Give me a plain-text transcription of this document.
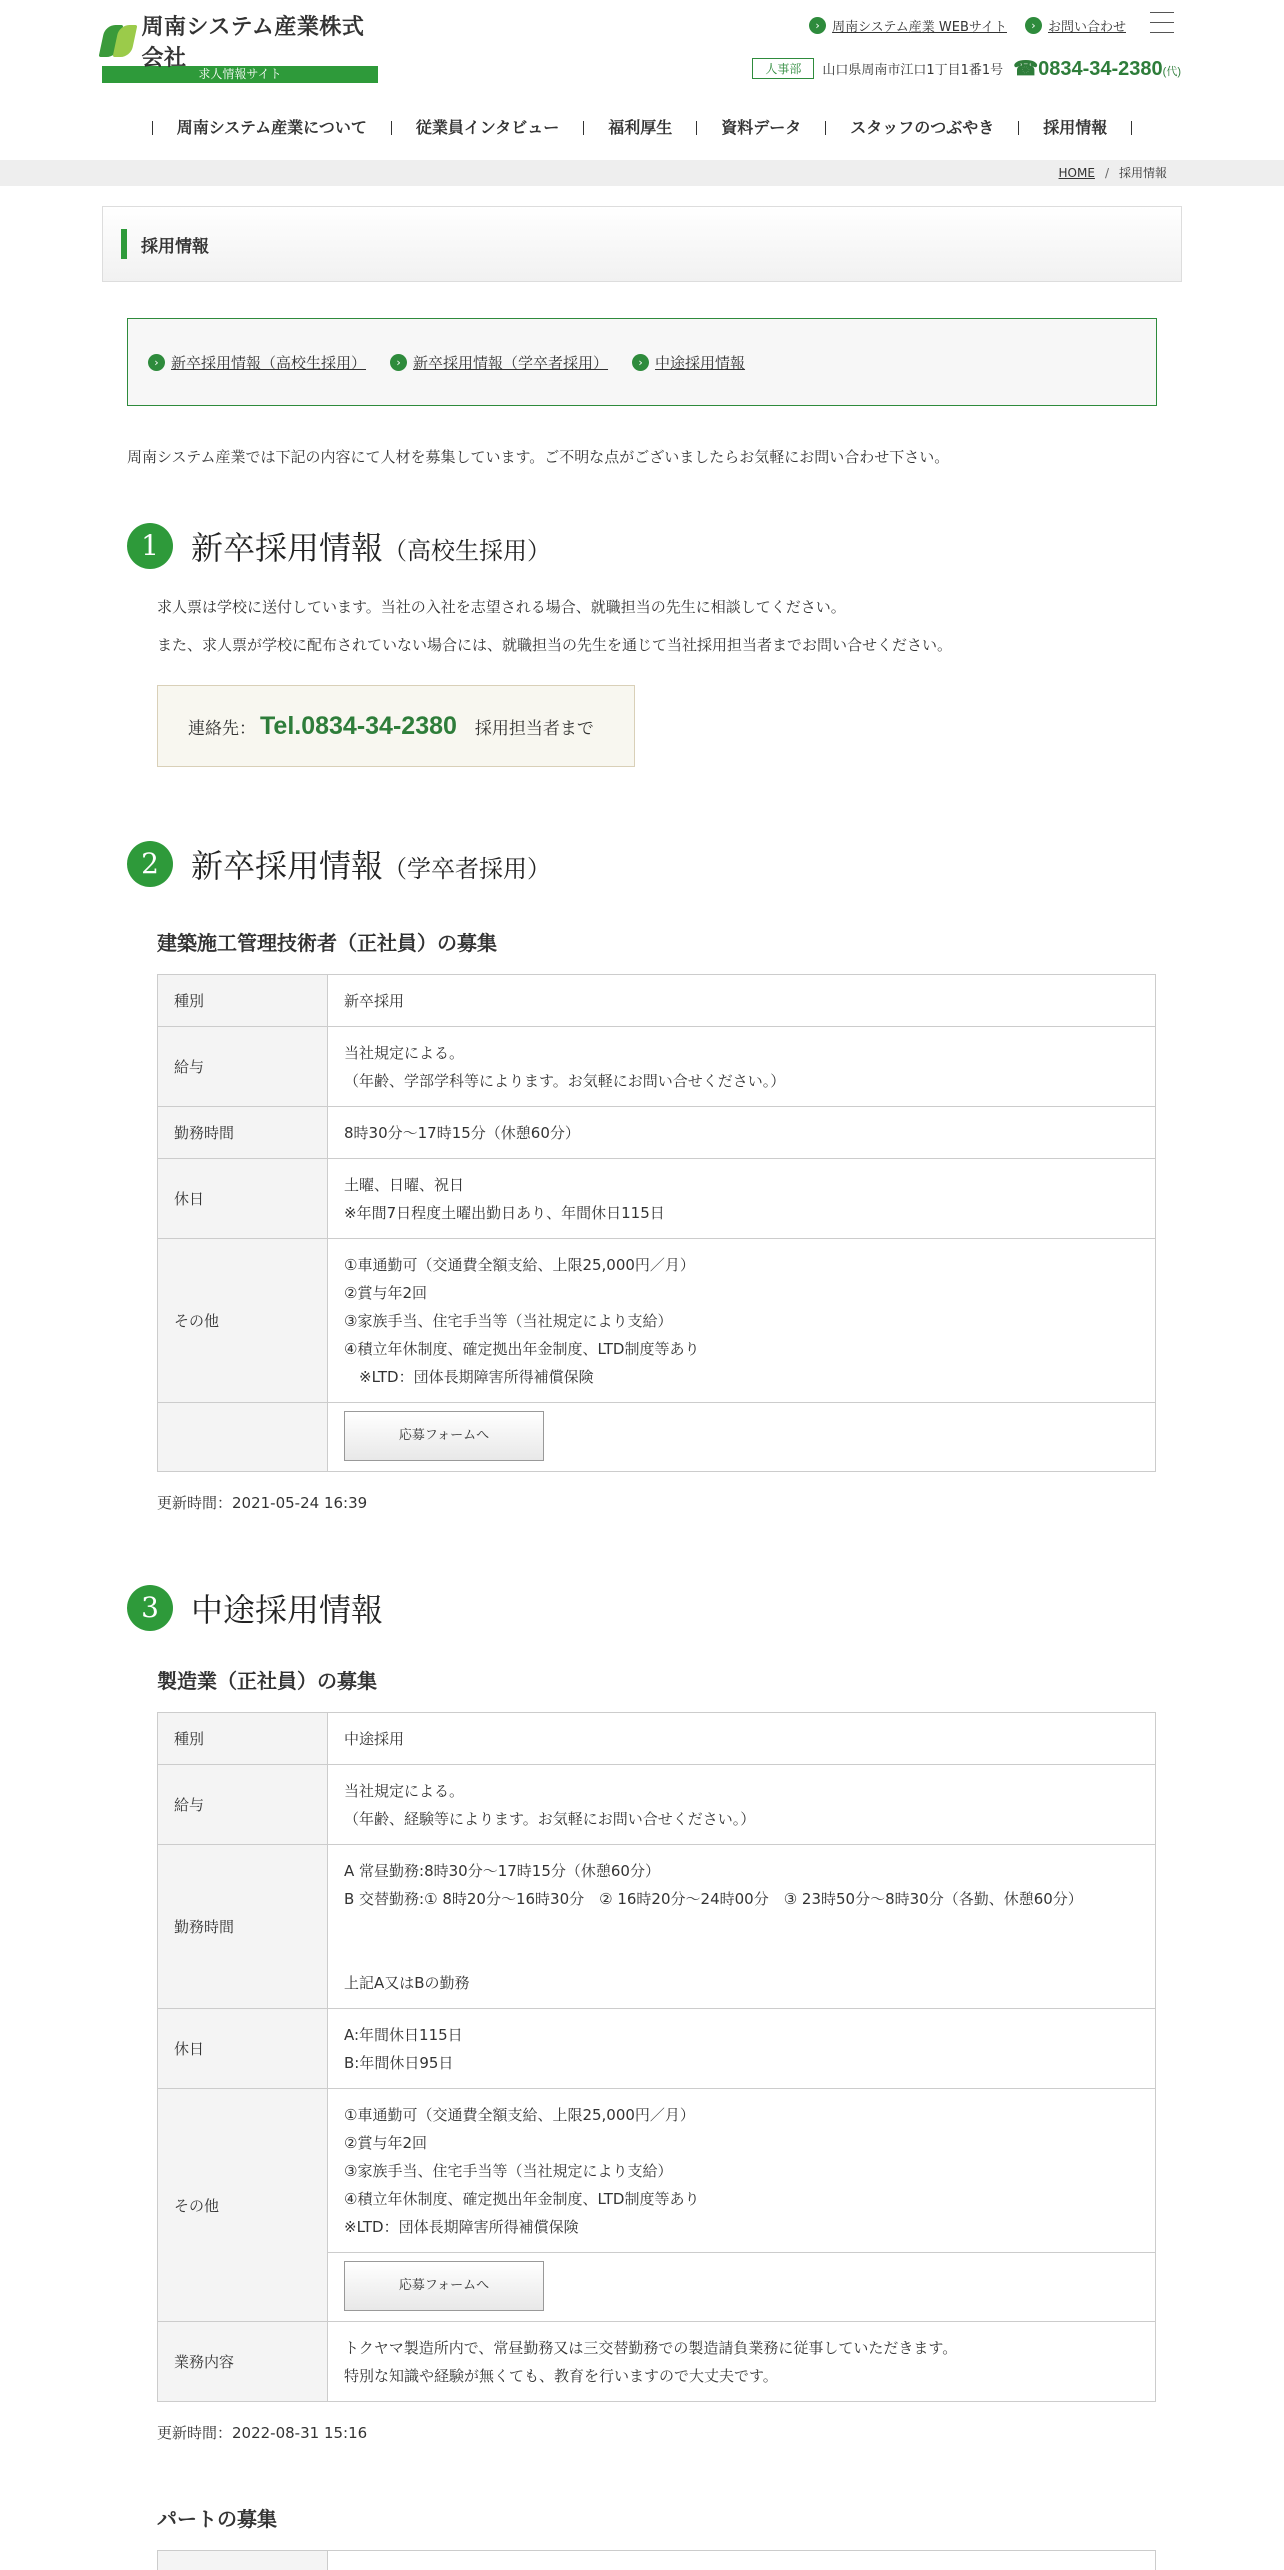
周南システム産業株式会社
求人情報サイト
› 周南システム産業 WEBサイト	› お問い合わせ
人事部	山口県周南市江口1丁目1番1号 ☎0834-34-2380(代)
周南システム産業について	従業員インタビュー	福利厚生	資料データ	スタッフのつぶやき	採用情報
HOME / 採用情報
採用情報
› 新卒採用情報（高校生採用）	› 新卒採用情報（学卒者採用）	› 中途採用情報

周南システム産業では下記の内容にて人材を募集しています。ご不明な点がございましたらお気軽にお問い合わせ下さい。

1	新卒採用情報（高校生採用）

求人票は学校に送付しています。当社の入社を志望される場合、就職担当の先生に相談してください。

また、求人票が学校に配布されていない場合には、就職担当の先生を通じて当社採用担当者までお問い合せください。

連絡先： Tel.0834-34-2380 採用担当者まで
2	新卒採用情報（学卒者採用）
建築施工管理技術者（正社員）の募集
種別	新卒採用
給与	当社規定による。
（年齢、学部学科等によります。お気軽にお問い合せください。）
勤務時間	8時30分～17時15分（休憩60分）
休日	土曜、日曜、祝日
※年間7日程度土曜出勤日あり、年間休日115日
その他	①車通勤可（交通費全額支給、上限25,000円／月）
②賞与年2回
③家族手当、住宅手当等（当社規定により支給）
④積立年休制度、確定拠出年金制度、LTD制度等あり
　※LTD：団体長期障害所得補償保険
	応募フォームへ

更新時間：2021-05-24 16:39

3	中途採用情報
製造業（正社員）の募集
種別	中途採用
給与	当社規定による。
（年齢、経験等によります。お気軽にお問い合せください。）
勤務時間	A 常昼勤務:8時30分～17時15分（休憩60分）
B 交替勤務:① 8時20分～16時30分　② 16時20分～24時00分　③ 23時50分～8時30分（各勤、休憩60分）

上記A又はBの勤務
休日	A:年間休日115日
B:年間休日95日
その他	①車通勤可（交通費全額支給、上限25,000円／月）
②賞与年2回
③家族手当、住宅手当等（当社規定により支給）
④積立年休制度、確定拠出年金制度、LTD制度等あり
※LTD：団体長期障害所得補償保険
	応募フォームへ
業務内容	トクヤマ製造所内で、常昼勤務又は三交替勤務での製造請負業務に従事していただきます。
特別な知識や経験が無くても、教育を行いますので大丈夫です。

更新時間：2022-08-31 15:16

パートの募集
